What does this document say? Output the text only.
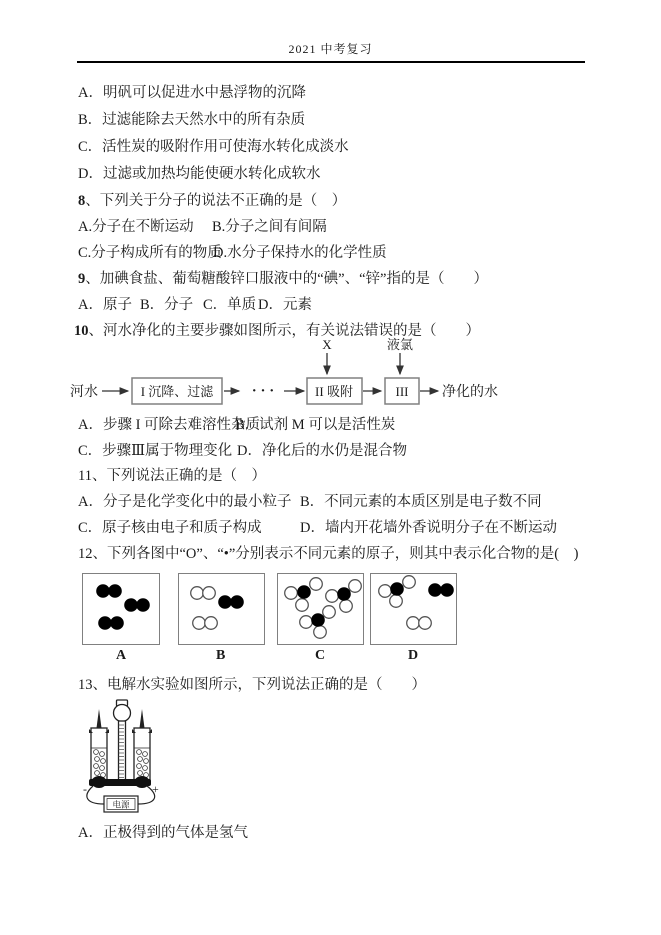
2021 中考复习
A．明矾可以促进水中悬浮物的沉降
B．过滤能除去天然水中的所有杂质
C．活性炭的吸附作用可使海水转化成淡水
D．过滤或加热均能使硬水转化成软水
8、下列关于分子的说法不正确的是（　）
A.分子在不断运动 B.分子之间有间隔
C.分子构成所有的物质
D.水分子保持水的化学性质
9、加碘食盐、葡萄糖酸锌口服液中的“碘”、“锌”指的是（　　）
A．原子 B．分子 C．单质 D．元素
10、河水净化的主要步骤如图所示，有关说法错误的是（　　）
X	液氯
河水	I 沉降、过滤	· · ·	II 吸附	III 净化的水
A．步骤 I 可除去难溶性杂质
B．试剂 M 可以是活性炭
C．步骤Ⅲ属于物理变化 D．净化后的水仍是混合物
11、下列说法正确的是（　）
A．分子是化学变化中的最小粒子 B．不同元素的本质区别是电子数不同
C．原子核由电子和质子构成	D．墙内开花墙外香说明分子在不断运动
12、下列各图中“O”、“•”分别表示不同元素的原子，则其中表示化合物的是(　)
A	B	C	D
13、电解水实验如图所示，下列说法正确的是（　　）
-	+
电源
A．正极得到的气体是氢气
